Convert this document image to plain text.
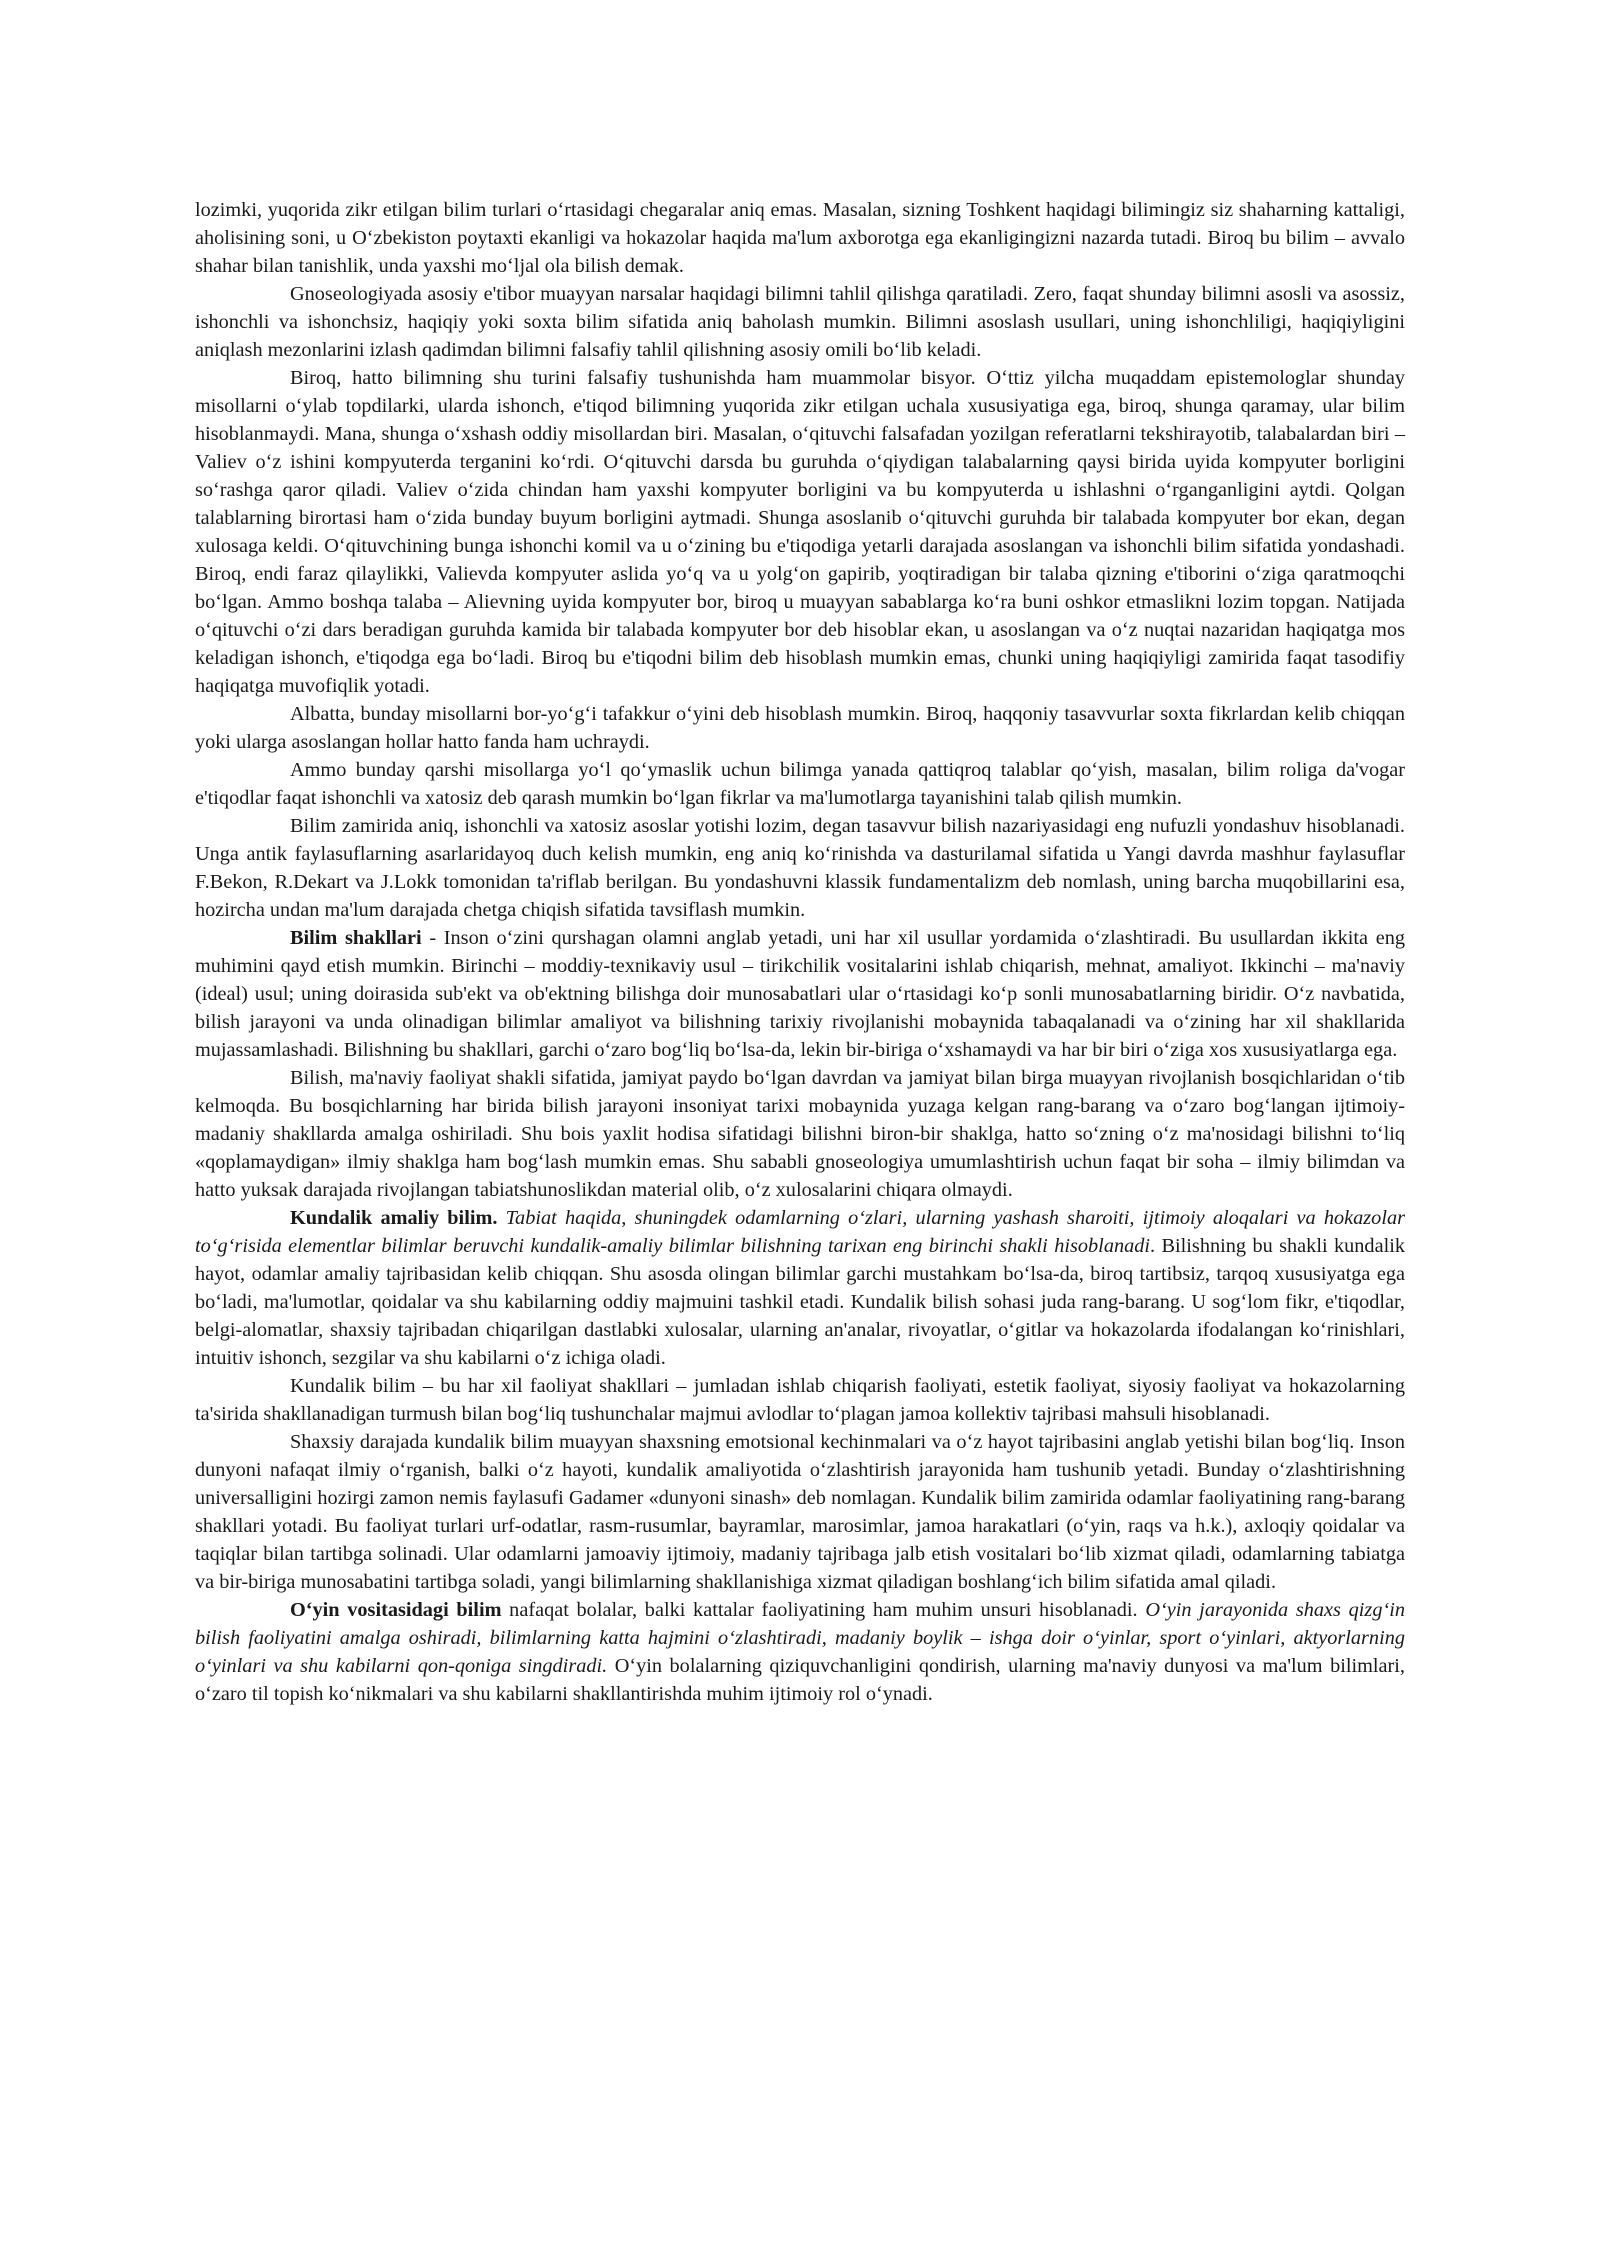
lozimki, yuqorida zikr etilgan bilim turlari o‘rtasidagi chegaralar aniq emas. Masalan, sizning Toshkent haqidagi bilimingiz siz shaharning kattaligi, aholisining soni, u O‘zbekiston poytaxti ekanligi va hokazolar haqida ma'lum axborotga ega ekanligingizni nazarda tutadi. Biroq bu bilim – avvalo shahar bilan tanishlik, unda yaxshi mo‘ljal ola bilish demak.

Gnoseologiyada asosiy e'tibor muayyan narsalar haqidagi bilimni tahlil qilishga qaratiladi. Zero, faqat shunday bilimni asosli va asossiz, ishonchli va ishonchsiz, haqiqiy yoki soxta bilim sifatida aniq baholash mumkin. Bilimni asoslash usullari, uning ishonchliligi, haqiqiyligini aniqlash mezonlarini izlash qadimdan bilimni falsafiy tahlil qilishning asosiy omili bo‘lib keladi.

Biroq, hatto bilimning shu turini falsafiy tushunishda ham muammolar bisyor. O‘ttiz yilcha muqaddam epistemologlar shunday misollarni o‘ylab topdilarki, ularda ishonch, e'tiqod bilimning yuqorida zikr etilgan uchala xususiyatiga ega, biroq, shunga qaramay, ular bilim hisoblanmaydi. Mana, shunga o‘xshash oddiy misollardan biri. Masalan, o‘qituvchi falsafadan yozilgan referatlarni tekshirayotib, talabalardan biri – Valiev o‘z ishini kompyuterda terganini ko‘rdi. O‘qituvchi darsda bu guruhda o‘qiydigan talabalarning qaysi birida uyida kompyuter borligini so‘rashga qaror qiladi. Valiev o‘zida chindan ham yaxshi kompyuter borligini va bu kompyuterda u ishlashni o‘rganganligini aytdi. Qolgan talablarning birortasi ham o‘zida bunday buyum borligini aytmadi. Shunga asoslanib o‘qituvchi guruhda bir talabada kompyuter bor ekan, degan xulosaga keldi. O‘qituvchining bunga ishonchi komil va u o‘zining bu e'tiqodiga yetarli darajada asoslangan va ishonchli bilim sifatida yondashadi. Biroq, endi faraz qilaylikki, Valievda kompyuter aslida yo‘q va u yolg‘on gapirib, yoqtiradigan bir talaba qizning e'tiborini o‘ziga qaratmoqchi bo‘lgan. Ammo boshqa talaba – Alievning uyida kompyuter bor, biroq u muayyan sabablarga ko‘ra buni oshkor etmaslikni lozim topgan. Natijada o‘qituvchi o‘zi dars beradigan guruhda kamida bir talabada kompyuter bor deb hisoblar ekan, u asoslangan va o‘z nuqtai nazaridan haqiqatga mos keladigan ishonch, e'tiqodga ega bo‘ladi. Biroq bu e'tiqodni bilim deb hisoblash mumkin emas, chunki uning haqiqiyligi zamirida faqat tasodifiy haqiqatga muvofiqlik yotadi.

Albatta, bunday misollarni bor-yo‘g‘i tafakkur o‘yini deb hisoblash mumkin. Biroq, haqqoniy tasavvurlar soxta fikrlardan kelib chiqqan yoki ularga asoslangan hollar hatto fanda ham uchraydi.

Ammo bunday qarshi misollarga yo‘l qo‘ymaslik uchun bilimga yanada qattiqroq talablar qo‘yish, masalan, bilim roliga da'vogar e'tiqodlar faqat ishonchli va xatosiz deb qarash mumkin bo‘lgan fikrlar va ma'lumotlarga tayanishini talab qilish mumkin.

Bilim zamirida aniq, ishonchli va xatosiz asoslar yotishi lozim, degan tasavvur bilish nazariyasidagi eng nufuzli yondashuv hisoblanadi. Unga antik faylasuflarning asarlaridayoq duch kelish mumkin, eng aniq ko‘rinishda va dasturilamal sifatida u Yangi davrda mashhur faylasuflar F.Bekon, R.Dekart va J.Lokk tomonidan ta'riflab berilgan. Bu yondashuvni klassik fundamentalizm deb nomlash, uning barcha muqobillarini esa, hozircha undan ma'lum darajada chetga chiqish sifatida tavsiflash mumkin.

Bilim shakllari - Inson o‘zini qurshagan olamni anglab yetadi, uni har xil usullar yordamida o‘zlashtiradi. Bu usullardan ikkita eng muhimini qayd etish mumkin. Birinchi – moddiy-texnikaviy usul – tirikchilik vositalarini ishlab chiqarish, mehnat, amaliyot. Ikkinchi – ma'naviy (ideal) usul; uning doirasida sub'ekt va ob'ektning bilishga doir munosabatlari ular o‘rtasidagi ko‘p sonli munosabatlarning biridir. O‘z navbatida, bilish jarayoni va unda olinadigan bilimlar amaliyot va bilishning tarixiy rivojlanishi mobaynida tabaqalanadi va o‘zining har xil shakllarida mujassamlashadi. Bilishning bu shakllari, garchi o‘zaro bog‘liq bo‘lsa-da, lekin bir-biriga o‘xshamaydi va har bir biri o‘ziga xos xususiyatlarga ega.

Bilish, ma'naviy faoliyat shakli sifatida, jamiyat paydo bo‘lgan davrdan va jamiyat bilan birga muayyan rivojlanish bosqichlaridan o‘tib kelmoqda. Bu bosqichlarning har birida bilish jarayoni insoniyat tarixi mobaynida yuzaga kelgan rang-barang va o‘zaro bog‘langan ijtimoiy-madaniy shakllarda amalga oshiriladi. Shu bois yaxlit hodisa sifatidagi bilishni biron-bir shaklga, hatto so‘zning o‘z ma'nosidagi bilishni to‘liq «qoplamaydigan» ilmiy shaklga ham bog‘lash mumkin emas. Shu sababli gnoseologiya umumlashtirish uchun faqat bir soha – ilmiy bilimdan va hatto yuksak darajada rivojlangan tabiatshunoslikdan material olib, o‘z xulosalarini chiqara olmaydi.

Kundalik amaliy bilim. Tabiat haqida, shuningdek odamlarning o‘zlari, ularning yashash sharoiti, ijtimoiy aloqalari va hokazolar to‘g‘risida elementlar bilimlar beruvchi kundalik-amaliy bilimlar bilishning tarixan eng birinchi shakli hisoblanadi. Bilishning bu shakli kundalik hayot, odamlar amaliy tajribasidan kelib chiqqan. Shu asosda olingan bilimlar garchi mustahkam bo‘lsa-da, biroq tartibsiz, tarqoq xususiyatga ega bo‘ladi, ma'lumotlar, qoidalar va shu kabilarning oddiy majmuini tashkil etadi. Kundalik bilish sohasi juda rang-barang. U sog‘lom fikr, e'tiqodlar, belgi-alomatlar, shaxsiy tajribadan chiqarilgan dastlabki xulosalar, ularning an'analar, rivoyatlar, o‘gitlar va hokazolarda ifodalangan ko‘rinishlari, intuitiv ishonch, sezgilar va shu kabilarni o‘z ichiga oladi.

Kundalik bilim – bu har xil faoliyat shakllari – jumladan ishlab chiqarish faoliyati, estetik faoliyat, siyosiy faoliyat va hokazolarning ta'sirida shakllanadigan turmush bilan bog‘liq tushunchalar majmui avlodlar to‘plagan jamoa kollektiv tajribasi mahsuli hisoblanadi.

Shaxsiy darajada kundalik bilim muayyan shaxsning emotsional kechinmalari va o‘z hayot tajribasini anglab yetishi bilan bog‘liq. Inson dunyoni nafaqat ilmiy o‘rganish, balki o‘z hayoti, kundalik amaliyotida o‘zlashtirish jarayonida ham tushunib yetadi. Bunday o‘zlashtirishning universalligini hozirgi zamon nemis faylasufi Gadamer «dunyoni sinash» deb nomlagan. Kundalik bilim zamirida odamlar faoliyatining rang-barang shakllari yotadi. Bu faoliyat turlari urf-odatlar, rasm-rusumlar, bayramlar, marosimlar, jamoa harakatlari (o‘yin, raqs va h.k.), axloqiy qoidalar va taqiqlar bilan tartibga solinadi. Ular odamlarni jamoaviy ijtimoiy, madaniy tajribaga jalb etish vositalari bo‘lib xizmat qiladi, odamlarning tabiatga va bir-biriga munosabatini tartibga soladi, yangi bilimlarning shakllanishiga xizmat qiladigan boshlang‘ich bilim sifatida amal qiladi.

O‘yin vositasidagi bilim nafaqat bolalar, balki kattalar faoliyatining ham muhim unsuri hisoblanadi. O‘yin jarayonida shaxs qizg‘in bilish faoliyatini amalga oshiradi, bilimlarning katta hajmini o‘zlashtiradi, madaniy boylik – ishga doir o‘yinlar, sport o‘yinlari, aktyorlarning o‘yinlari va shu kabilarni qon-qoniga singdiradi. O‘yin bolalarning qiziquvchanligini qondirish, ularning ma'naviy dunyosi va ma'lum bilimlari, o‘zaro til topish ko‘nikmalari va shu kabilarni shakllantirishda muhim ijtimoiy rol o‘ynadi.
